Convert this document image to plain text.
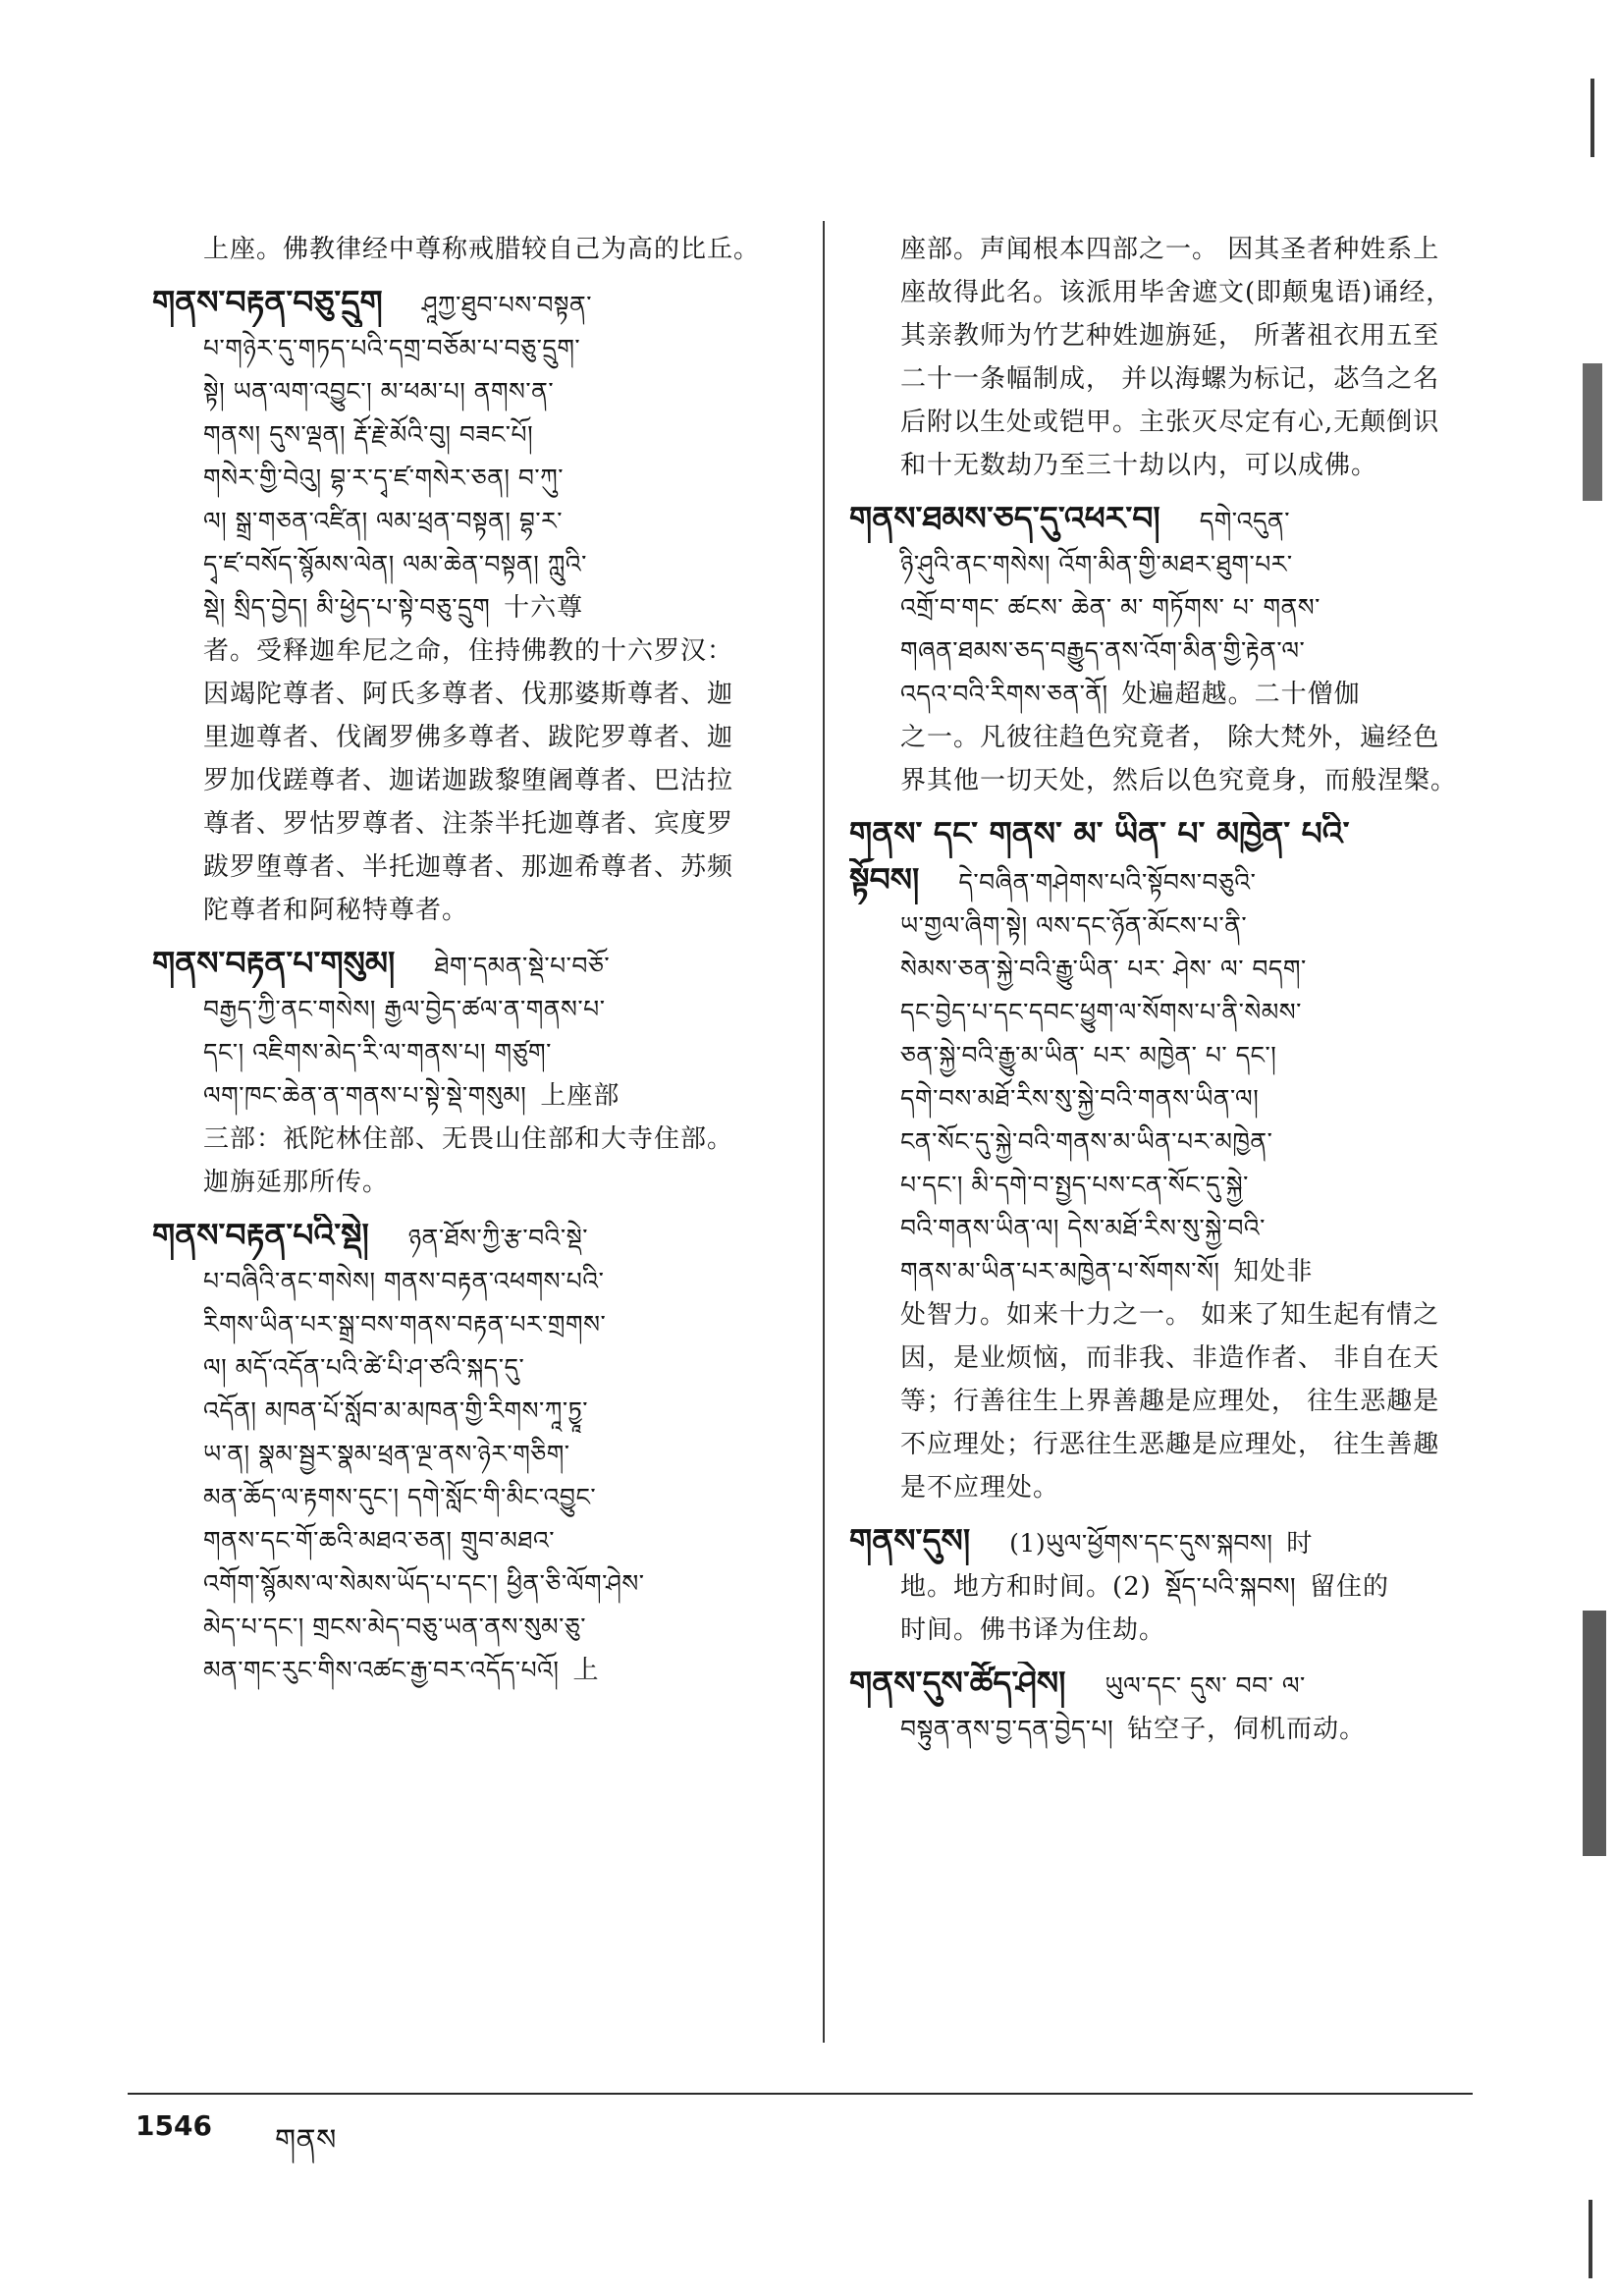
上座。佛教律经中尊称戒腊较自己为高的比丘。
གནས་བརྟན་བཅུ་དྲུག ཤཱཀྱ་ཐུབ་པས་བསྟན་
པ་གཉེར་དུ་གཏད་པའི་དགྲ་བཅོམ་པ་བཅུ་དྲུག་
སྟེ། ཡན་ལག་འབྱུང་། མ་ཕམ་པ། ནགས་ན་
གནས། དུས་ལྡན། རྡོ་རྗེ་མོའི་བུ། བཟང་པོ།
གསེར་གྱི་བེའུ། བྷ་ར་དྭ་ཛ་གསེར་ཅན། བ་ཀུ་
ལ། སྒྲ་གཅན་འཛིན། ལམ་ཕྲན་བསྟན། བྷ་ར་
དྭ་ཛ་བསོད་སྙོམས་ལེན། ལམ་ཆེན་བསྟན། ཀླུའི་
སྡེ། སྲིད་བྱེད། མི་ཕྱེད་པ་སྟེ་བཅུ་དྲུག 十六尊
者。受释迦牟尼之命，住持佛教的十六罗汉：
因竭陀尊者、阿氏多尊者、伐那婆斯尊者、迦
里迦尊者、伐阇罗佛多尊者、跋陀罗尊者、迦
罗加伐蹉尊者、迦诺迦跋黎堕阇尊者、巴沽拉
尊者、罗怙罗尊者、注荼半托迦尊者、宾度罗
跋罗堕尊者、半托迦尊者、那迦希尊者、苏频
陀尊者和阿秘特尊者。
གནས་བརྟན་པ་གསུམ། ཐེག་དམན་སྡེ་པ་བཅོ་
བརྒྱད་ཀྱི་ནང་གསེས། རྒྱལ་བྱེད་ཚལ་ན་གནས་པ་
དང་། འཇིགས་མེད་རི་ལ་གནས་པ། གཙུག་
ལག་ཁང་ཆེན་ན་གནས་པ་སྟེ་སྡེ་གསུམ། 上座部
三部：祇陀林住部、无畏山住部和大寺住部。
迦旃延那所传。
གནས་བརྟན་པའི་སྡེ། ཉན་ཐོས་ཀྱི་རྩ་བའི་སྡེ་
པ་བཞིའི་ནང་གསེས། གནས་བརྟན་འཕགས་པའི་
རིགས་ཡིན་པར་སྒྲ་བས་གནས་བརྟན་པར་གྲགས་
ལ། མདོ་འདོན་པའི་ཚེ་པི་ཤ་ཙའི་སྐད་དུ་
འདོན། མཁན་པོ་སློབ་མ་མཁན་གྱི་རིགས་ཀཱ་ཏྱཱ་
ཡ་ན། སྣམ་སྦྱར་སྣམ་ཕྲན་ལྔ་ནས་ཉེར་གཅིག་
མན་ཆོད་ལ་རྟགས་དུང་། དགེ་སློང་གི་མིང་འབྱུང་
གནས་དང་གོ་ཆའི་མཐའ་ཅན། གྲུབ་མཐའ་
འགོག་སྙོམས་ལ་སེམས་ཡོད་པ་དང་། ཕྱིན་ཅི་ལོག་ཤེས་
མེད་པ་དང་། གྲངས་མེད་བཅུ་ཡན་ནས་སུམ་ཅུ་
མན་གང་རུང་གིས་འཚང་རྒྱ་བར་འདོད་པའོ། 上
座部。声闻根本四部之一。 因其圣者种姓系上
座故得此名。该派用毕舍遮文(即颠鬼语)诵经，
其亲教师为竹艺种姓迦旃延， 所著祖衣用五至
二十一条幅制成， 并以海螺为标记，苾刍之名
后附以生处或铠甲。主张灭尽定有心,无颠倒识
和十无数劫乃至三十劫以内，可以成佛。
གནས་ཐམས་ཅད་དུ་འཕར་བ། དགེ་འདུན་
ཉི་ཤུའི་ནང་གསེས། འོག་མིན་གྱི་མཐར་ཐུག་པར་
འགྲོ་བ་གང་ ཚངས་ ཆེན་ མ་ གཏོགས་ པ་ གནས་
གཞན་ཐམས་ཅད་བརྒྱུད་ནས་འོག་མིན་གྱི་རྟེན་ལ་
འདའ་བའི་རིགས་ཅན་ནོ། 处遍超越。二十僧伽
之一。凡彼往趋色究竟者， 除大梵外，遍经色
界其他一切天处，然后以色究竟身，而般涅槃。
གནས་ དང་ གནས་ མ་ ཡིན་ པ་ མཁྱེན་ པའི་
སྟོབས། དེ་བཞིན་གཤེགས་པའི་སྟོབས་བཅུའི་
ཡ་གྱལ་ཞིག་སྟེ། ལས་དང་ཉོན་མོངས་པ་ནི་
སེམས་ཅན་སྐྱེ་བའི་རྒྱུ་ཡིན་ པར་ ཤེས་ ལ་ བདག་
དང་བྱེད་པ་དང་དབང་ཕྱུག་ལ་སོགས་པ་ནི་སེམས་
ཅན་སྐྱེ་བའི་རྒྱུ་མ་ཡིན་ པར་ མཁྱེན་ པ་ དང་།
དགེ་བས་མཐོ་རིས་སུ་སྐྱེ་བའི་གནས་ཡིན་ལ།
ངན་སོང་དུ་སྐྱེ་བའི་གནས་མ་ཡིན་པར་མཁྱེན་
པ་དང་། མི་དགེ་བ་སྤྱད་པས་ངན་སོང་དུ་སྐྱེ་
བའི་གནས་ཡིན་ལ། དེས་མཐོ་རིས་སུ་སྐྱེ་བའི་
གནས་མ་ཡིན་པར་མཁྱེན་པ་སོགས་སོ། 知处非
处智力。如来十力之一。 如来了知生起有情之
因，是业烦恼，而非我、非造作者、 非自在天
等；行善往生上界善趣是应理处， 往生恶趣是
不应理处；行恶往生恶趣是应理处， 往生善趣
是不应理处。
གནས་དུས། (1)ཡུལ་ཕྱོགས་དང་དུས་སྐབས། 时
地。地方和时间。(2) སྡོད་པའི་སྐབས། 留住的
时间。佛书译为住劫。
གནས་དུས་ཚོད་ཤེས། ཡུལ་དང་ དུས་ བབ་ ལ་
བསྟུན་ནས་བྱ་དན་བྱེད་པ། 钻空子，伺机而动。
1546 གནས
